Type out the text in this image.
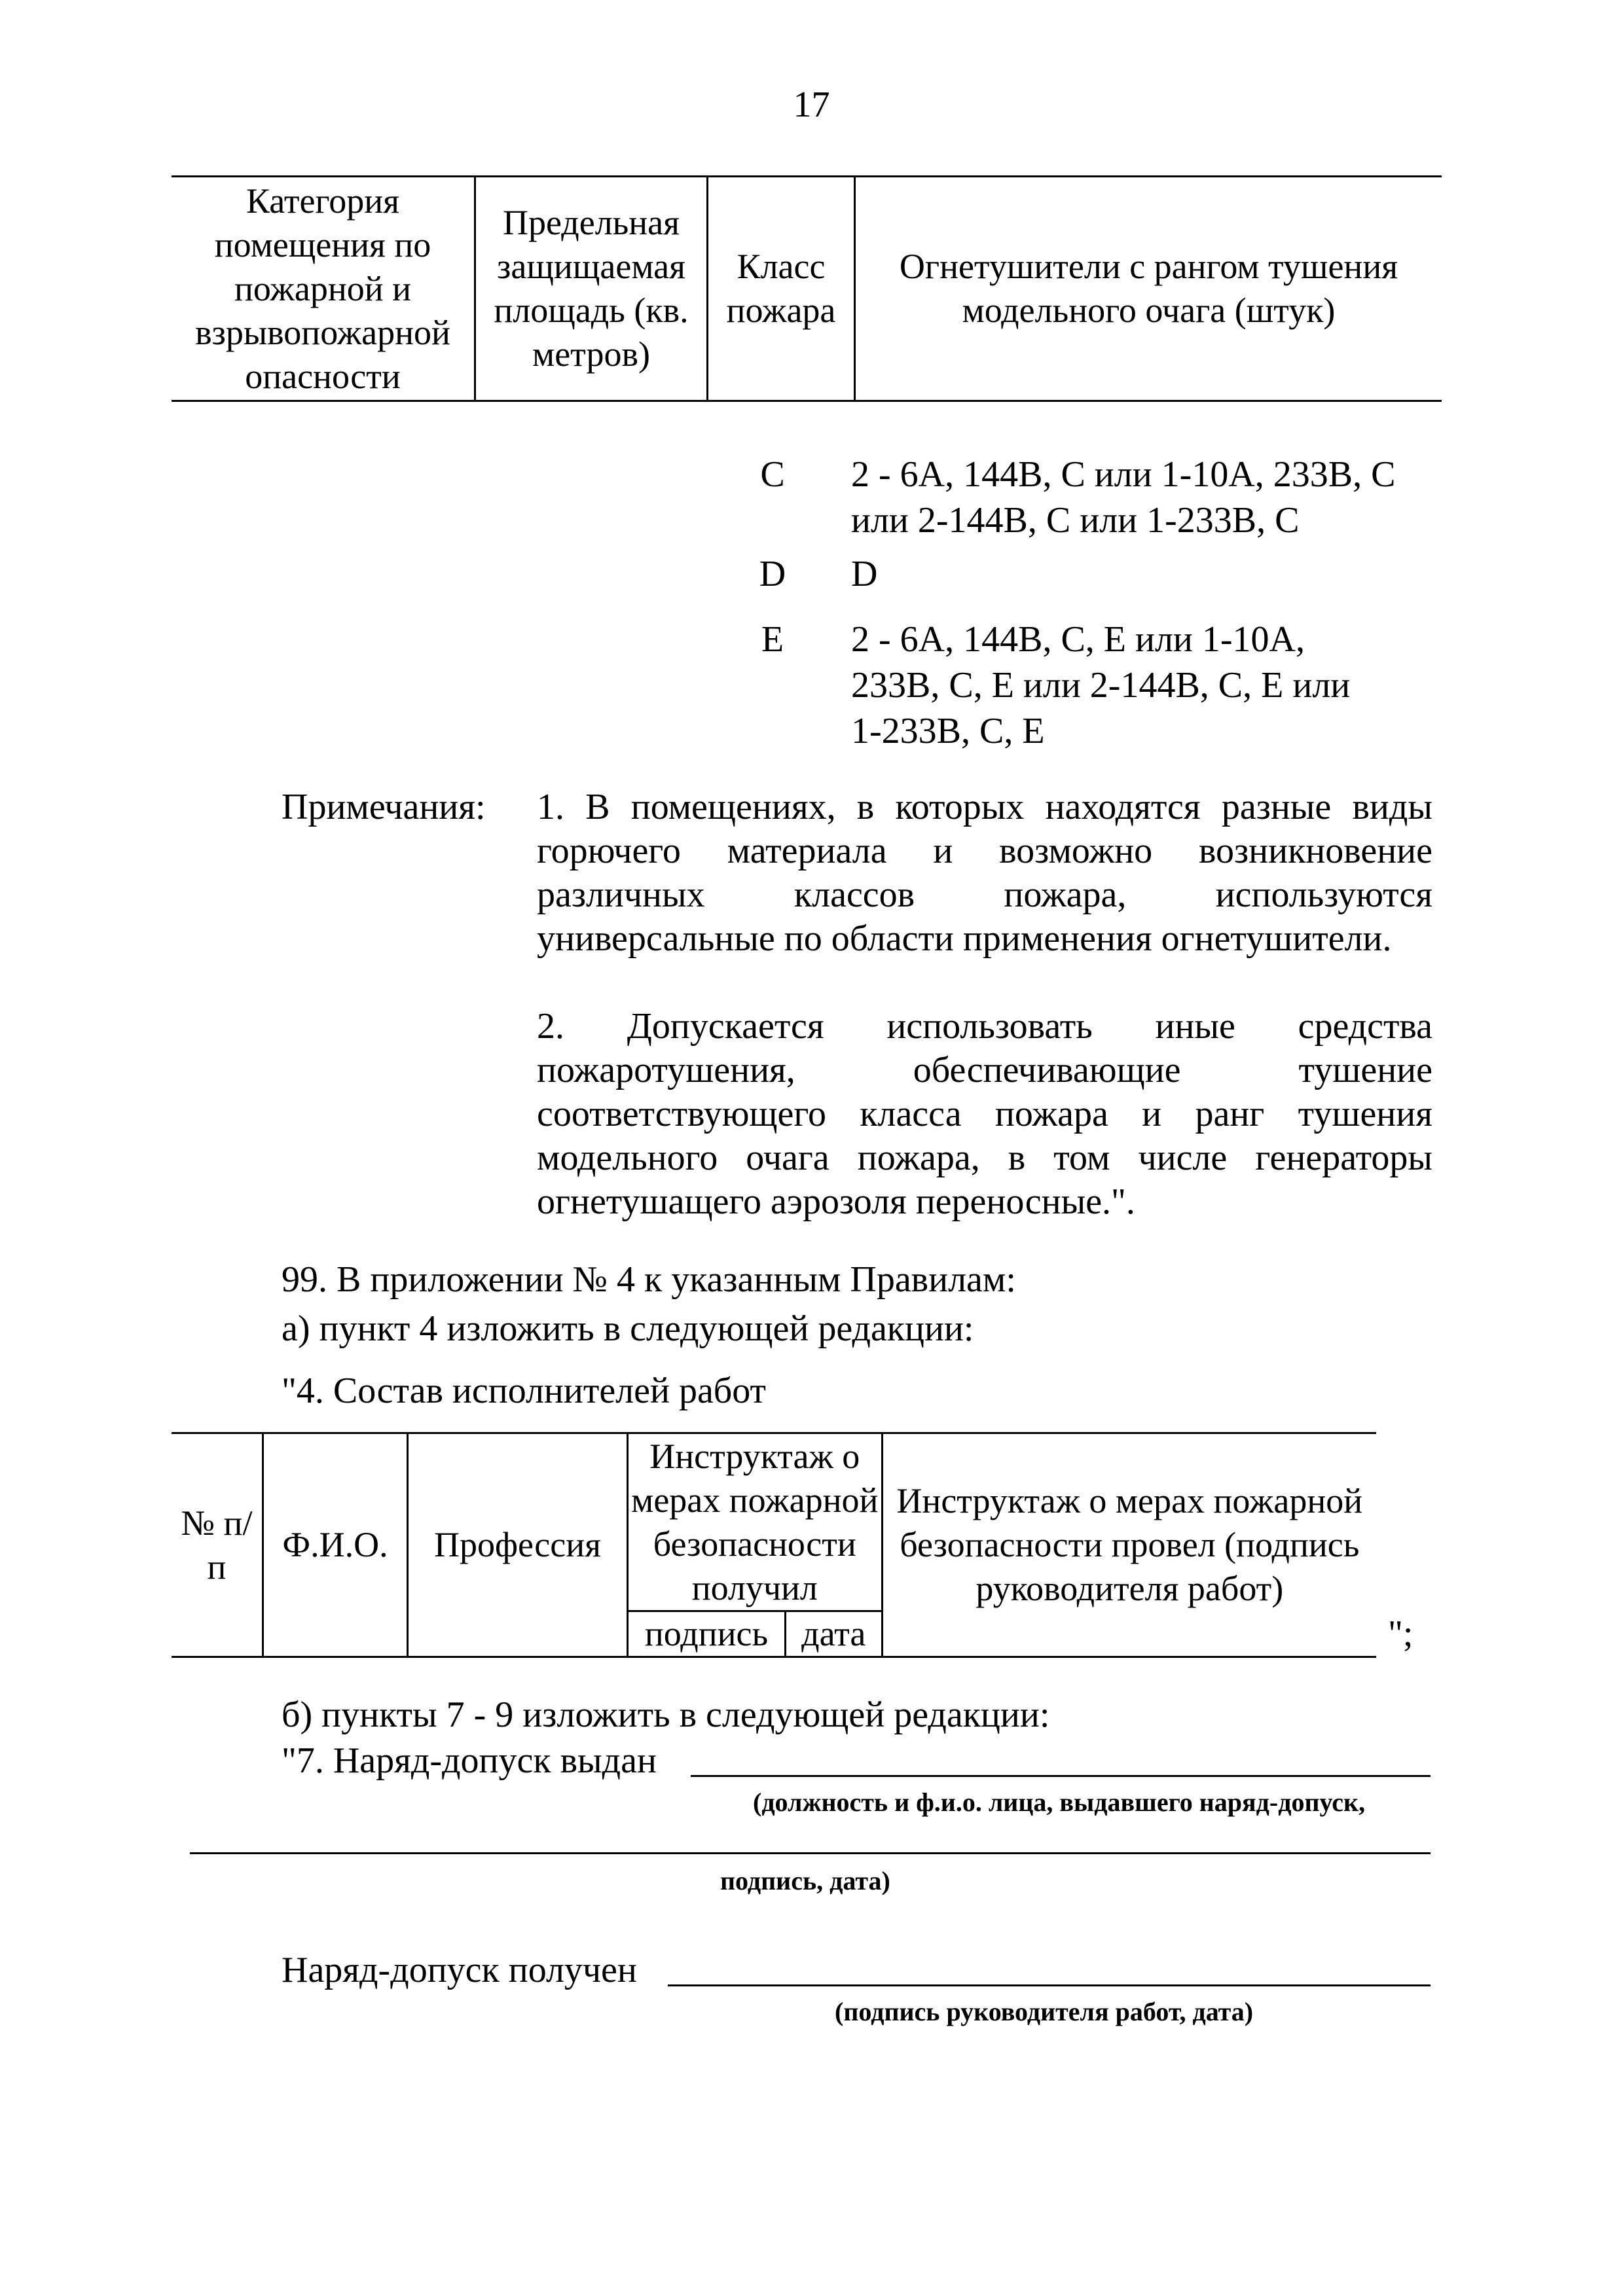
17
Категория помещения по пожарной и взрывопожарной опасности	Предельная защищаемая площадь (кв. метров)	Класс пожара	Огнетушители с рангом тушения модельного очага (штук)
C 2 - 6А, 144В, С или 1-10А, 233В, С
или 2-144В, С или 1-233В, С
D D
E 2 - 6А, 144В, С, Е или 1-10А,
233В, С, Е или 2-144В, С, Е или
1-233В, С, Е
Примечания: 1. В помещениях, в которых находятся разные виды горючего материала и возможно возникновение различных классов пожара, используются универсальные по области применения огнетушители.
2. Допускается использовать иные средства пожаротушения, обеспечивающие тушение соответствующего класса пожара и ранг тушения модельного очага пожара, в том числе генераторы огнетушащего аэрозоля переносные.".
99. В приложении № 4 к указанным Правилам:
а) пункт 4 изложить в следующей редакции:
"4. Состав исполнителей работ
№ п/п	Ф.И.О.	Профессия	Инструктаж о мерах пожарной безопасности получил		Инструктаж о мерах пожарной безопасности провел (подпись руководителя работ)
			подпись	дата		";
б) пункты 7 - 9 изложить в следующей редакции:
"7. Наряд-допуск выдан
(должность и ф.и.о. лица, выдавшего наряд-допуск,
подпись, дата)
Наряд-допуск получен
(подпись руководителя работ, дата)
